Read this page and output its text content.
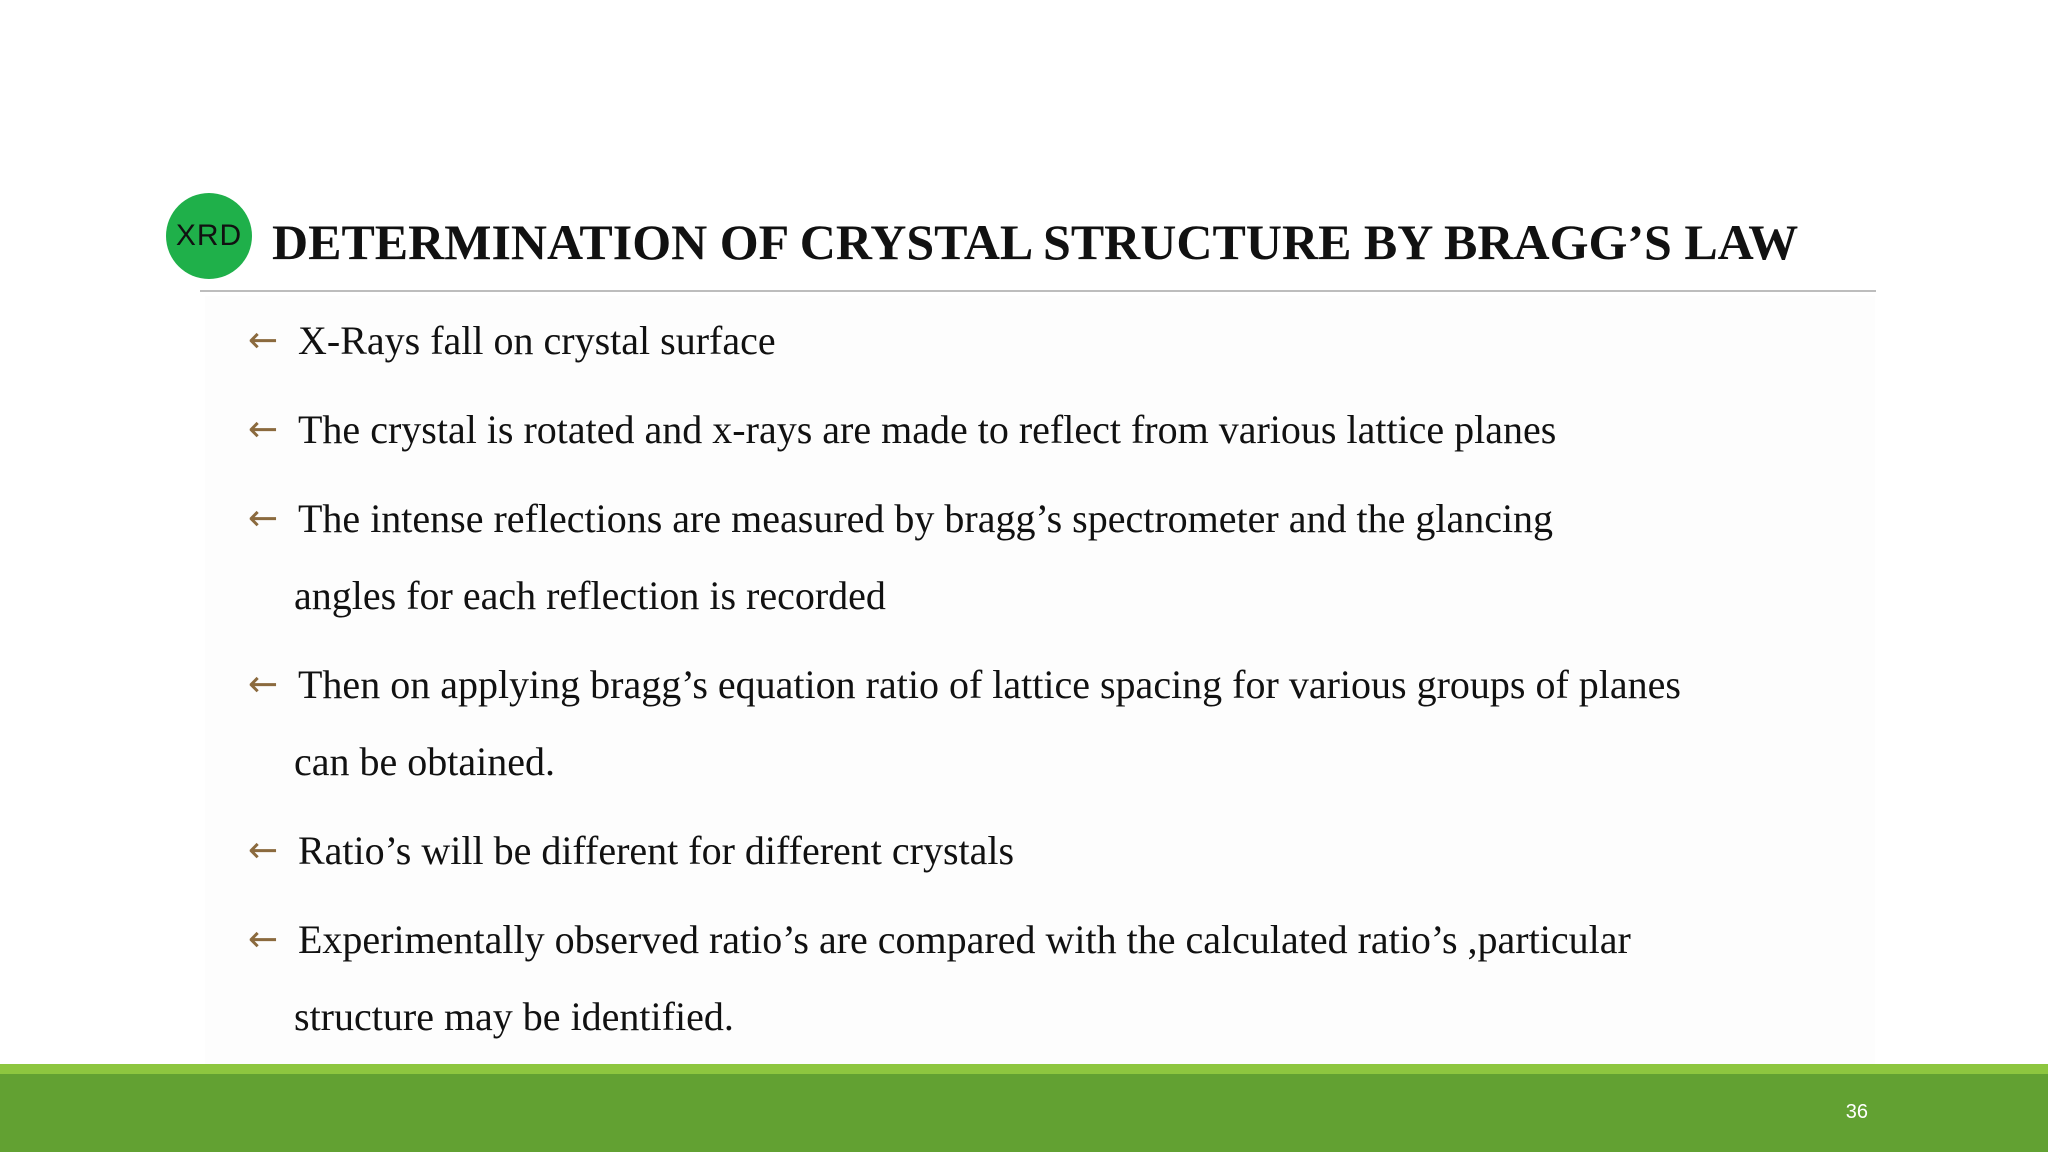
XRD DETERMINATION OF CRYSTAL STRUCTURE BY BRAGG’S LAW
← X-Rays fall on crystal surface
← The crystal is rotated and x-rays are made to reflect from various lattice planes
← The intense reflections are measured by bragg’s spectrometer and the glancing
angles for each reflection is recorded
← Then on applying bragg’s equation ratio of lattice spacing for various groups of planes
can be obtained.
← Ratio’s will be different for different crystals
← Experimentally observed ratio’s are compared with the calculated ratio’s ,particular
structure may be identified.
36
